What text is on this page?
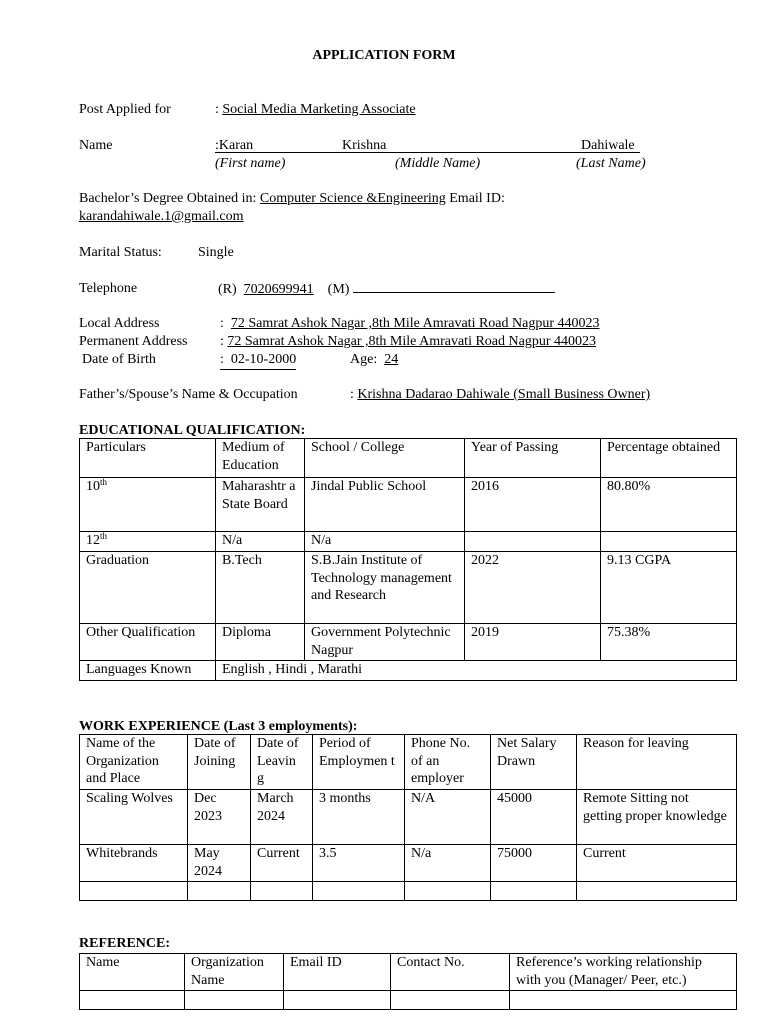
APPLICATION FORM
Post Applied for	: Social Media Marketing Associate
Name	:Karan	Krishna	Dahiwale
(First name)	(Middle Name)	(Last Name)
Bachelor’s Degree Obtained in: Computer Science &Engineering Email ID:
karandahiwale.1@gmail.com
Marital Status:	Single
Telephone	(R) 7020699941 (M)
Local Address	: 72 Samrat Ashok Nagar ,8th Mile Amravati Road Nagpur 440023
Permanent Address : 72 Samrat Ashok Nagar ,8th Mile Amravati Road Nagpur 440023
Date of Birth	: 02-10-2000	Age: 24
Father’s/Spouse’s Name & Occupation	: Krishna Dadarao Dahiwale (Small Business Owner)
EDUCATIONAL QUALIFICATION:
Particulars	Medium of Education	School / College	Year of Passing	Percentage obtained
10th	Maharashtr a State Board	Jindal Public School	2016	80.80%
12th	N/a	N/a		
Graduation	B.Tech	S.B.Jain Institute of Technology management and Research	2022	9.13 CGPA
Other Qualification	Diploma	Government Polytechnic Nagpur	2019	75.38%
Languages Known	English , Hindi , Marathi			
WORK EXPERIENCE (Last 3 employments):
Name of the Organization and Place	Date of Joining	Date of Leavin g	Period of Employmen t	Phone No. of an employer	Net Salary Drawn	Reason for leaving
Scaling Wolves	Dec 2023	March 2024	3 months	N/A	45000	Remote Sitting not getting proper knowledge
Whitebrands	May 2024	Current	3.5	N/a	75000	Current

REFERENCE:
Name	Organization Name	Email ID	Contact No.	Reference’s working relationship with you (Manager/ Peer, etc.)
